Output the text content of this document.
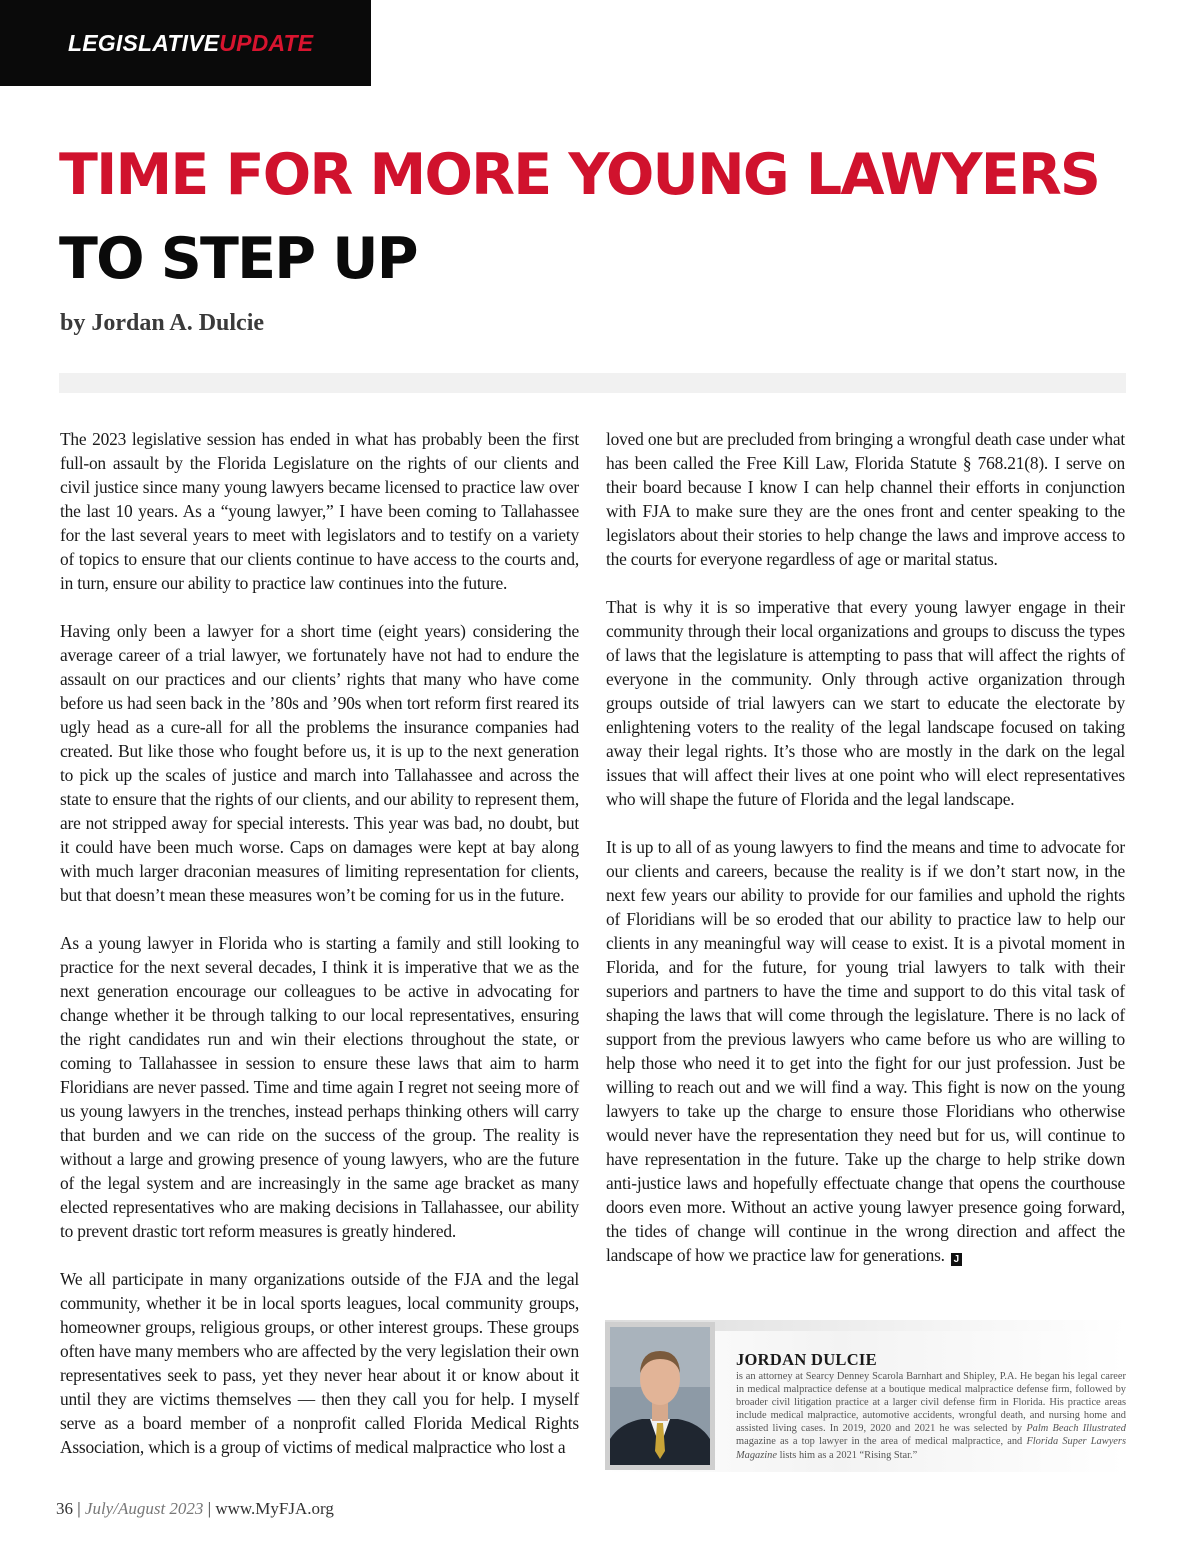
LEGISLATIVEUPDATE
TIME FOR MORE YOUNG LAWYERS
TO STEP UP
by Jordan A. Dulcie

The 2023 legislative session has ended in what has probably been the first full-on assault by the Florida Legislature on the rights of our clients and civil justice since many young lawyers became licensed to practice law over the last 10 years. As a “young lawyer,” I have been coming to Tallahassee for the last several years to meet with legislators and to testify on a variety of topics to ensure that our clients continue to have access to the courts and, in turn, ensure our ability to practice law continues into the future.

Having only been a lawyer for a short time (eight years) considering the average career of a trial lawyer, we fortunately have not had to endure the assault on our practices and our clients’ rights that many who have come before us had seen back in the ’80s and ’90s when tort reform first reared its ugly head as a cure-all for all the problems the insurance companies had created. But like those who fought before us, it is up to the next generation to pick up the scales of justice and march into Tallahassee and across the state to ensure that the rights of our clients, and our ability to represent them, are not stripped away for special interests. This year was bad, no doubt, but it could have been much worse. Caps on damages were kept at bay along with much larger draconian measures of limiting representation for clients, but that doesn’t mean these measures won’t be coming for us in the future.

As a young lawyer in Florida who is starting a family and still looking to practice for the next several decades, I think it is imperative that we as the next generation encourage our colleagues to be active in advocating for change whether it be through talking to our local representatives, ensuring the right candidates run and win their elections throughout the state, or coming to Tallahassee in session to ensure these laws that aim to harm Floridians are never passed. Time and time again I regret not seeing more of us young lawyers in the trenches, instead perhaps thinking others will carry that burden and we can ride on the success of the group. The reality is without a large and growing presence of young lawyers, who are the future of the legal system and are increasingly in the same age bracket as many elected representatives who are making decisions in Tallahassee, our ability to prevent drastic tort reform measures is greatly hindered.

We all participate in many organizations outside of the FJA and the legal community, whether it be in local sports leagues, local community groups, homeowner groups, religious groups, or other interest groups. These groups often have many members who are affected by the very legislation their own representatives seek to pass, yet they never hear about it or know about it until they are victims themselves — then they call you for help. I myself serve as a board member of a nonprofit called Florida Medical Rights Association, which is a group of victims of medical malpractice who lost a

loved one but are precluded from bringing a wrongful death case under what has been called the Free Kill Law, Florida Statute § 768.21(8). I serve on their board because I know I can help channel their efforts in conjunction with FJA to make sure they are the ones front and center speaking to the legislators about their stories to help change the laws and improve access to the courts for everyone regardless of age or marital status.

That is why it is so imperative that every young lawyer engage in their community through their local organizations and groups to discuss the types of laws that the legislature is attempting to pass that will affect the rights of everyone in the community. Only through active organization through groups outside of trial lawyers can we start to educate the electorate by enlightening voters to the reality of the legal landscape focused on taking away their legal rights. It’s those who are mostly in the dark on the legal issues that will affect their lives at one point who will elect representatives who will shape the future of Florida and the legal landscape.

It is up to all of as young lawyers to find the means and time to advocate for our clients and careers, because the reality is if we don’t start now, in the next few years our ability to provide for our families and uphold the rights of Floridians will be so eroded that our ability to practice law to help our clients in any meaningful way will cease to exist. It is a pivotal moment in Florida, and for the future, for young trial lawyers to talk with their superiors and partners to have the time and support to do this vital task of shaping the laws that will come through the legislature. There is no lack of support from the previous lawyers who came before us who are willing to help those who need it to get into the fight for our just profession. Just be willing to reach out and we will find a way. This fight is now on the young lawyers to take up the charge to ensure those Floridians who otherwise would never have the representation they need but for us, will continue to have representation in the future. Take up the charge to help strike down anti-justice laws and hopefully effectuate change that opens the courthouse doors even more. Without an active young lawyer presence going forward, the tides of change will continue in the wrong direction and affect the landscape of how we practice law for generations. J

JORDAN DULCIE
is an attorney at Searcy Denney Scarola Barnhart and Shipley, P.A. He began his legal career in medical malpractice defense at a boutique medical malpractice defense firm, followed by broader civil litigation practice at a larger civil defense firm in Florida. His practice areas include medical malpractice, automotive accidents, wrongful death, and nursing home and assisted living cases. In 2019, 2020 and 2021 he was selected by Palm Beach Illustrated magazine as a top lawyer in the area of medical malpractice, and Florida Super Lawyers Magazine lists him as a 2021 “Rising Star.”
36 | July/August 2023 | www.MyFJA.org
